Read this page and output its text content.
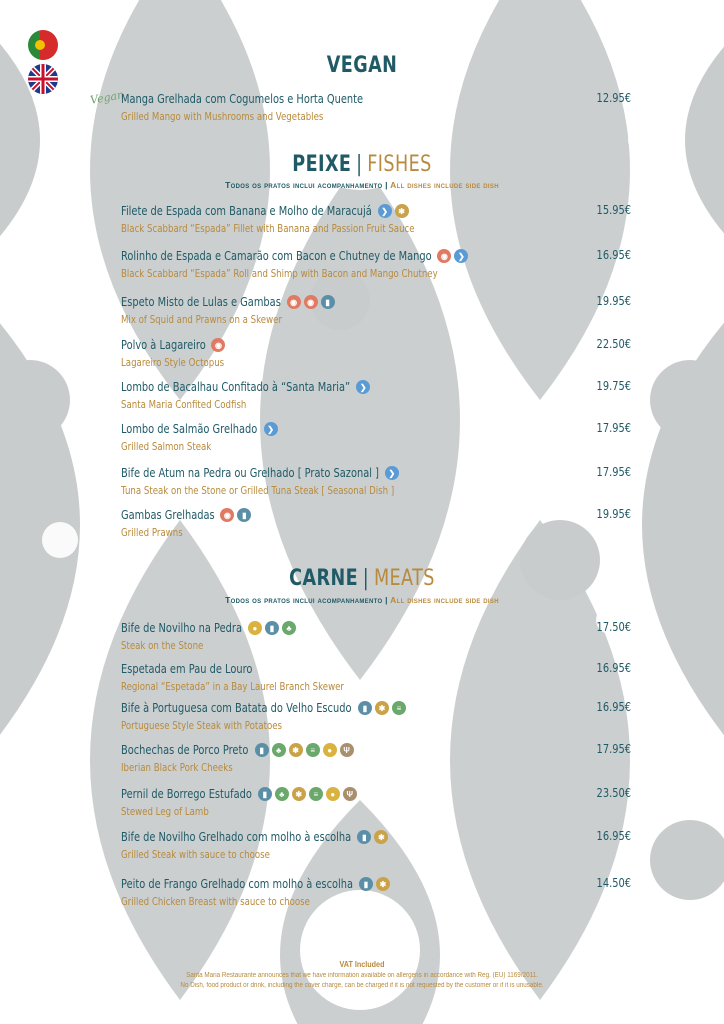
VEGAN
Vegan
Manga Grelhada com Cogumelos e Horta Quente	12.95€
Grilled Mango with Mushrooms and Vegetables
PEIXE | FISHES
Todos os pratos inclui acompanhamento | All dishes include side dish
Filete de Espada com Banana e Molho de Maracujá	❯	✱	15.95€
Black Scabbard “Espada” Fillet with Banana and Passion Fruit Sauce
Rolinho de Espada e Camarão com Bacon e Chutney de Mango	◉	❯	16.95€
Black Scabbard “Espada” Roll and Shimp with Bacon and Mango Chutney
Espeto Misto de Lulas e Gambas	◉	◉	▮	19.95€
Mix of Squid and Prawns on a Skewer
Polvo à Lagareiro	◉	22.50€
Lagareiro Style Octopus
Lombo de Bacalhau Confitado à “Santa Maria”	❯	19.75€
Santa Maria Confited Codfish
Lombo de Salmão Grelhado	❯	17.95€
Grilled Salmon Steak
Bife de Atum na Pedra ou Grelhado [ Prato Sazonal ]	❯	17.95€
Tuna Steak on the Stone or Grilled Tuna Steak [ Seasonal Dish ]
Gambas Grelhadas	◉	▮	19.95€
Grilled Prawns
CARNE | MEATS
Todos os pratos inclui acompanhamento | All dishes include side dish
Bife de Novilho na Pedra	●	▮	♣	17.50€
Steak on the Stone
Espetada em Pau de Louro	16.95€
Regional “Espetada” in a Bay Laurel Branch Skewer
Bife à Portuguesa com Batata do Velho Escudo	▮	✱	≡	16.95€
Portuguese Style Steak with Potatoes
Bochechas de Porco Preto	▮	♣	✱	≡	●	Ψ	17.95€
Iberian Black Pork Cheeks
Pernil de Borrego Estufado	▮	♣	✱	≡	●	Ψ	23.50€
Stewed Leg of Lamb
Bife de Novilho Grelhado com molho à escolha	▮	✱	16.95€
Grilled Steak with sauce to choose
Peito de Frango Grelhado com molho à escolha	▮	✱	14.50€
Grilled Chicken Breast with sauce to choose
VAT Included
Santa Maria Restaurante announces that we have information available on allergens in accordance with Reg. (EU) 1169/2011.
No Dish, food product or drink, including the cover charge, can be charged if it is not requested by the customer or if it is unusable.
